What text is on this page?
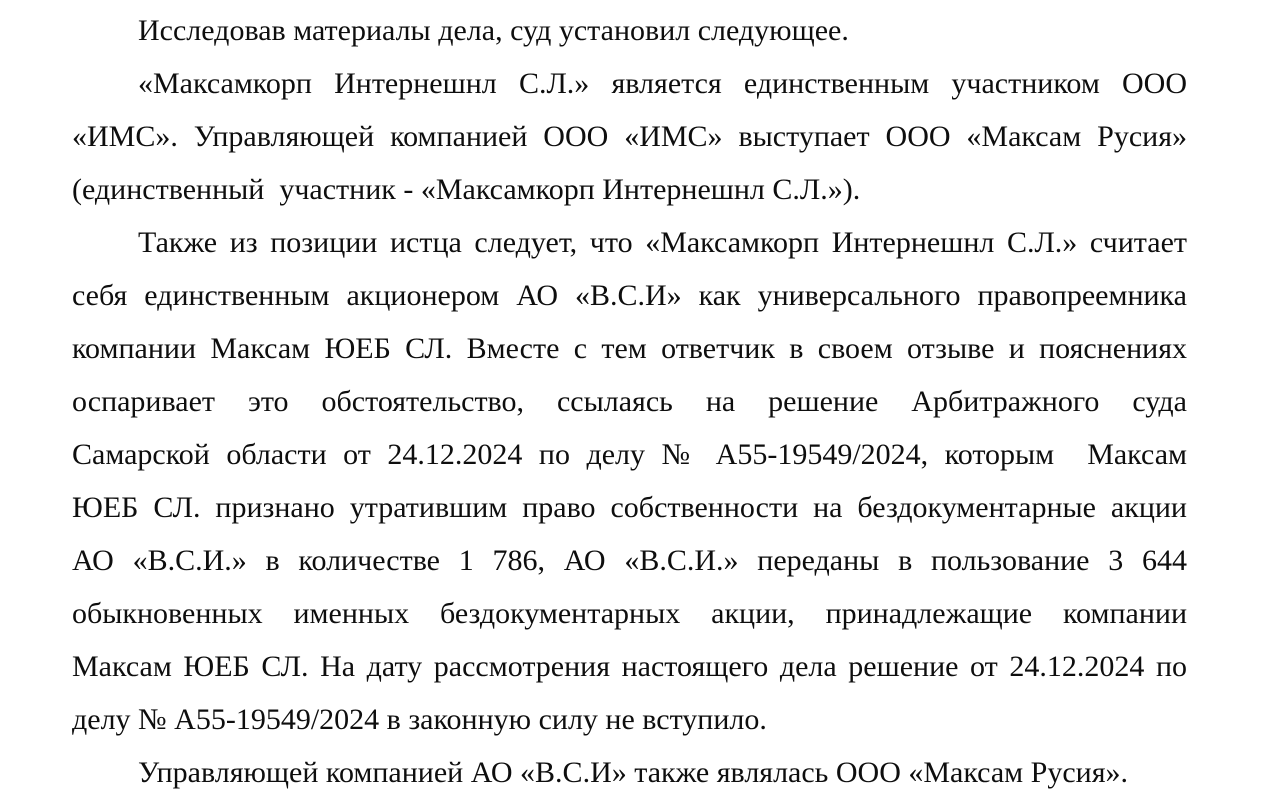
Исследовав материалы дела, суд установил следующее.
«Максамкорп Интернешнл С.Л.» является единственным участником ООО
«ИМС». Управляющей компанией ООО «ИМС» выступает ООО «Максам Русия»
(единственный  участник - «Максамкорп Интернешнл С.Л.»).
Также из позиции истца следует, что «Максамкорп Интернешнл С.Л.» считает
себя единственным акционером АО «В.С.И» как универсального правопреемника
компании Максам ЮЕБ СЛ. Вместе с тем ответчик в своем отзыве и пояснениях
оспаривает это обстоятельство, ссылаясь на решение Арбитражного суда
Самарской области от 24.12.2024 по делу № А55-19549/2024, которым  Максам
ЮЕБ СЛ. признано утратившим право собственности на бездокументарные акции
АО «В.С.И.» в количестве 1 786, АО «В.С.И.» переданы в пользование 3 644
обыкновенных именных бездокументарных акции, принадлежащие компании
Максам ЮЕБ СЛ. На дату рассмотрения настоящего дела решение от 24.12.2024 по
делу № А55-19549/2024 в законную силу не вступило.
Управляющей компанией АО «В.С.И» также являлась ООО «Максам Русия».
